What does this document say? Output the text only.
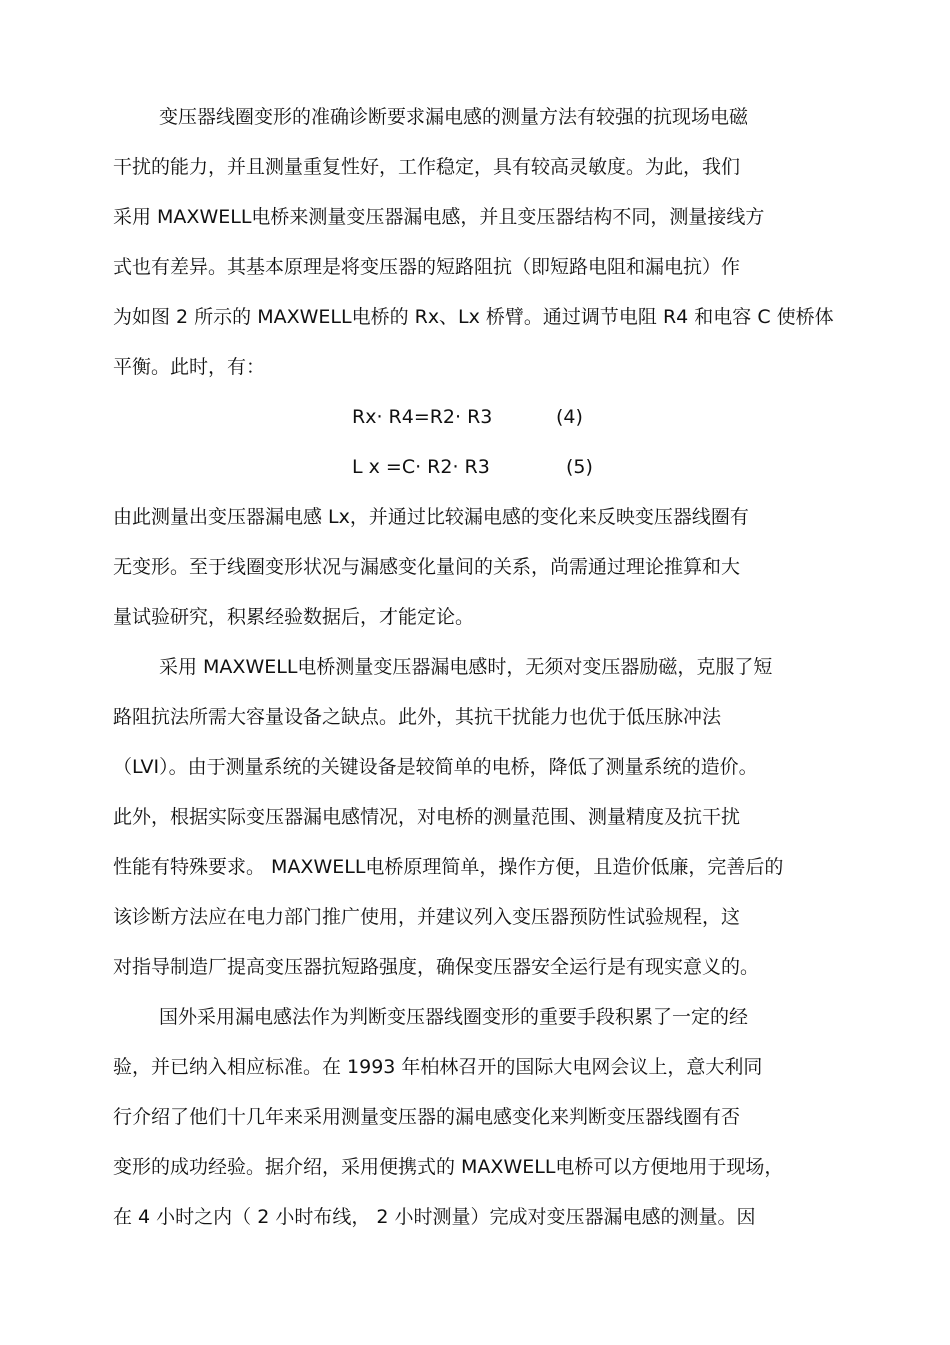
变压器线圈变形的准确诊断要求漏电感的测量方法有较强的抗现场电磁
干扰的能力，并且测量重复性好，工作稳定，具有较高灵敏度。为此，我们
采用 MAXWELL电桥来测量变压器漏电感，并且变压器结构不同，测量接线方
式也有差异。其基本原理是将变压器的短路阻抗（即短路电阻和漏电抗）作
为如图 2 所示的 MAXWELL电桥的 Rx、Lx 桥臂。通过调节电阻 R4 和电容 C 使桥体
平衡。此时，有：
Rx· R4=R2· R3	(4)
L x =C· R2· R3	(5)
由此测量出变压器漏电感 Lx，并通过比较漏电感的变化来反映变压器线圈有
无变形。至于线圈变形状况与漏感变化量间的关系，尚需通过理论推算和大
量试验研究，积累经验数据后，才能定论。
采用 MAXWELL电桥测量变压器漏电感时，无须对变压器励磁，克服了短
路阻抗法所需大容量设备之缺点。此外，其抗干扰能力也优于低压脉冲法
（LVI）。由于测量系统的关键设备是较简单的电桥，降低了测量系统的造价。
此外，根据实际变压器漏电感情况，对电桥的测量范围、测量精度及抗干扰
性能有特殊要求。 MAXWELL电桥原理简单，操作方便，且造价低廉，完善后的
该诊断方法应在电力部门推广使用，并建议列入变压器预防性试验规程，这
对指导制造厂提高变压器抗短路强度，确保变压器安全运行是有现实意义的。
国外采用漏电感法作为判断变压器线圈变形的重要手段积累了一定的经
验，并已纳入相应标准。在 1993 年柏林召开的国际大电网会议上，意大利同
行介绍了他们十几年来采用测量变压器的漏电感变化来判断变压器线圈有否
变形的成功经验。据介绍，采用便携式的 MAXWELL电桥可以方便地用于现场，
在 4 小时之内（ 2 小时布线， 2 小时测量）完成对变压器漏电感的测量。因
